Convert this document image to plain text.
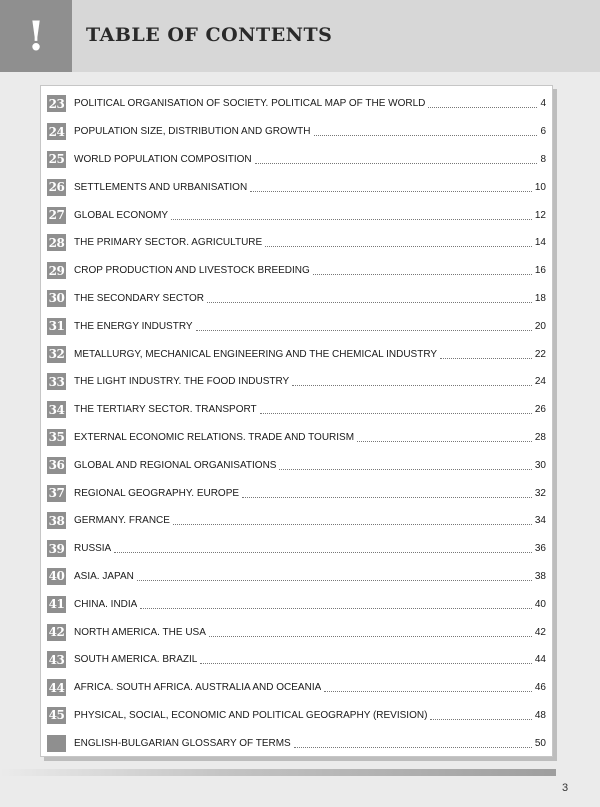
!	TABLE OF CONTENTS
23 POLITICAL ORGANISATION OF SOCIETY. POLITICAL MAP OF THE WORLD	4
24 POPULATION SIZE, DISTRIBUTION AND GROWTH	6
25 WORLD POPULATION COMPOSITION	8
26 SETTLEMENTS AND URBANISATION	10
27 GLOBAL ECONOMY	12
28 THE PRIMARY SECTOR. AGRICULTURE	14
29 CROP PRODUCTION AND LIVESTOCK BREEDING	16
30 THE SECONDARY SECTOR	18
31 THE ENERGY INDUSTRY	20
32 METALLURGY, MECHANICAL ENGINEERING AND THE CHEMICAL INDUSTRY	22
33 THE LIGHT INDUSTRY. THE FOOD INDUSTRY	24
34 THE TERTIARY SECTOR. TRANSPORT	26
35 EXTERNAL ECONOMIC RELATIONS. TRADE AND TOURISM	28
36 GLOBAL AND REGIONAL ORGANISATIONS	30
37 REGIONAL GEOGRAPHY. EUROPE	32
38 GERMANY. FRANCE	34
39 RUSSIA	36
40 ASIA. JAPAN	38
41 CHINA. INDIA	40
42 NORTH AMERICA. THE USA	42
43 SOUTH AMERICA. BRAZIL	44
44 AFRICA. SOUTH AFRICA. AUSTRALIA AND OCEANIA	46
45 PHYSICAL, SOCIAL, ECONOMIC AND POLITICAL GEOGRAPHY (REVISION)	48
ENGLISH-BULGARIAN GLOSSARY OF TERMS	50
3
